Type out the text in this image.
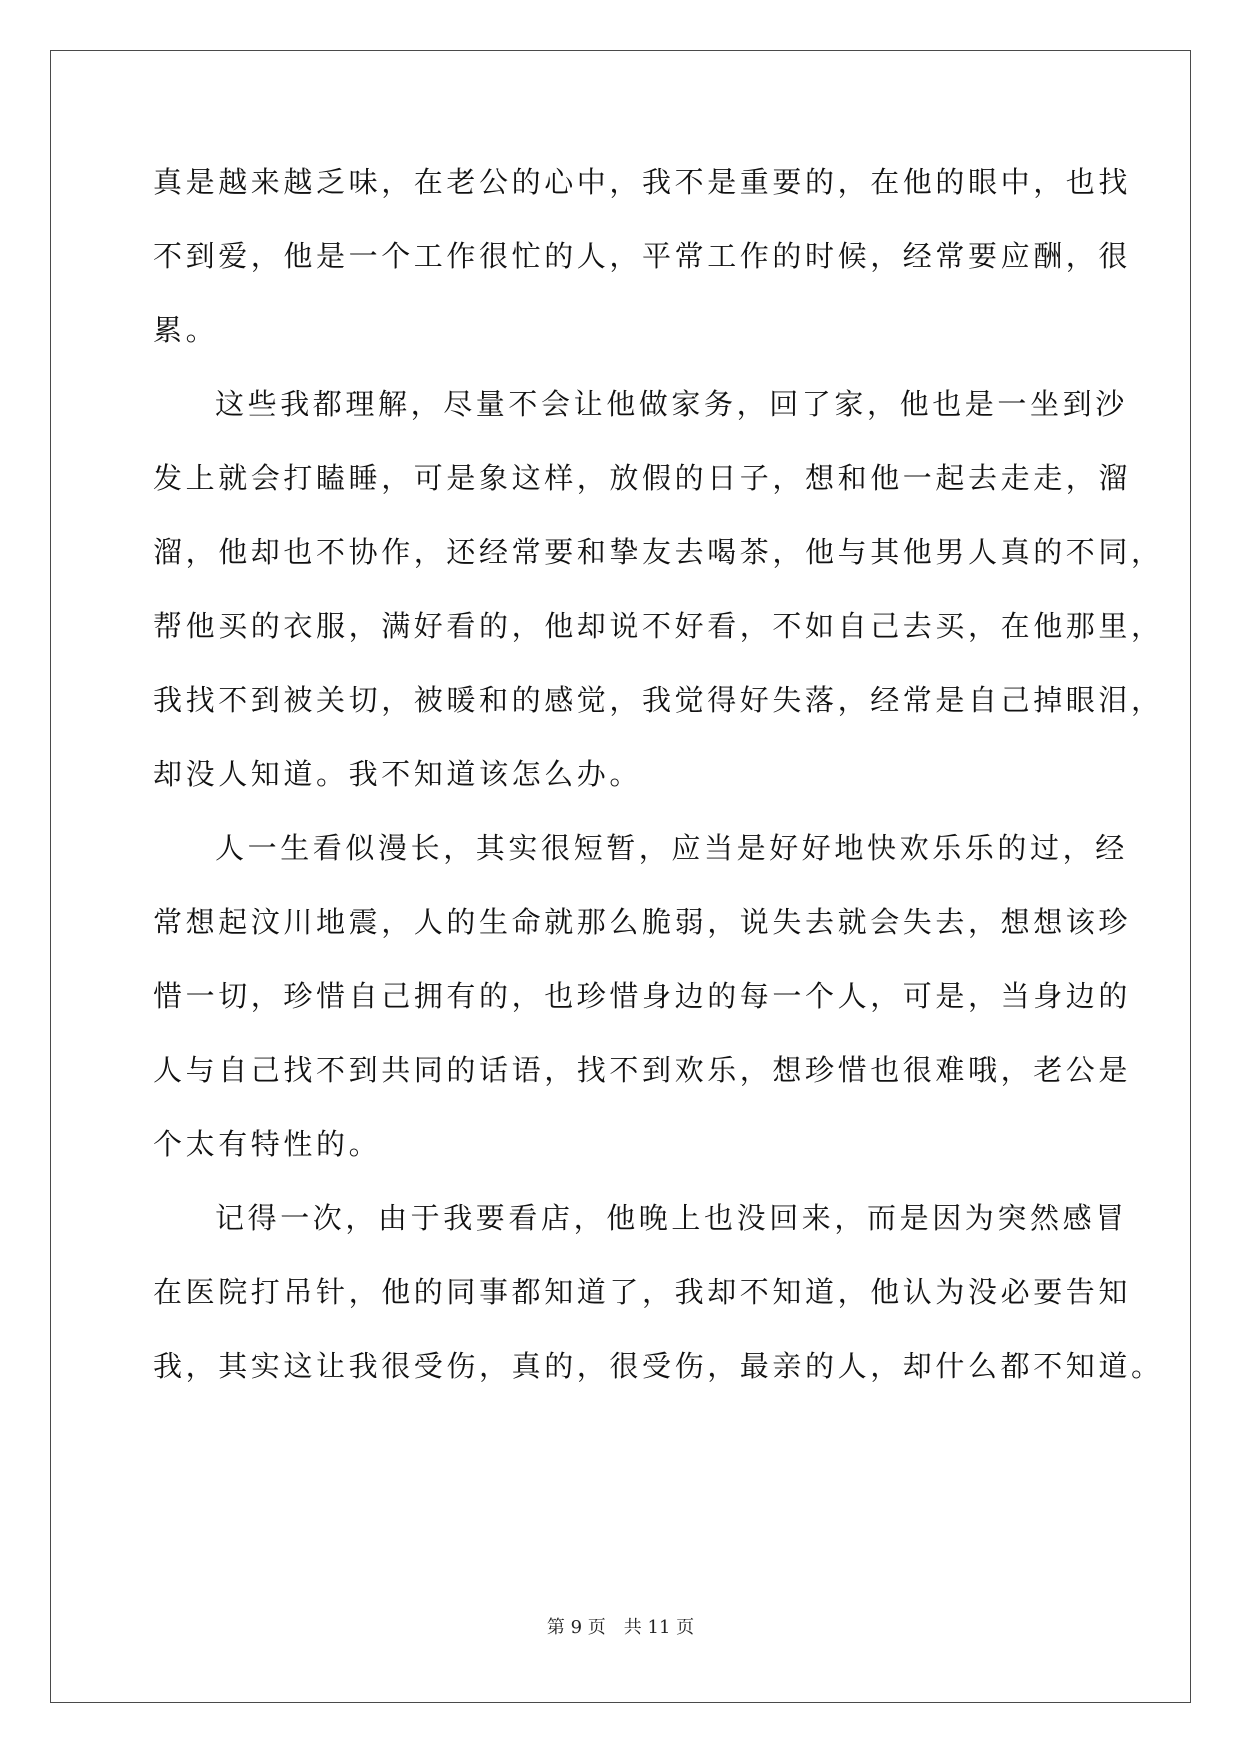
真是越来越乏味，在老公的心中，我不是重要的，在他的眼中，也找
不到爱，他是一个工作很忙的人，平常工作的时候，经常要应酬，很
累。
这些我都理解，尽量不会让他做家务，回了家，他也是一坐到沙
发上就会打瞌睡，可是象这样，放假的日子，想和他一起去走走，溜
溜，他却也不协作，还经常要和挚友去喝茶，他与其他男人真的不同，
帮他买的衣服，满好看的，他却说不好看，不如自己去买，在他那里，
我找不到被关切，被暖和的感觉，我觉得好失落，经常是自己掉眼泪，
却没人知道。我不知道该怎么办。
人一生看似漫长，其实很短暂，应当是好好地快欢乐乐的过，经
常想起汶川地震，人的生命就那么脆弱，说失去就会失去，想想该珍
惜一切，珍惜自己拥有的，也珍惜身边的每一个人，可是，当身边的
人与自己找不到共同的话语，找不到欢乐，想珍惜也很难哦，老公是
个太有特性的。
记得一次，由于我要看店，他晚上也没回来，而是因为突然感冒
在医院打吊针，他的同事都知道了，我却不知道，他认为没必要告知
我，其实这让我很受伤，真的，很受伤，最亲的人，却什么都不知道。
第 9 页　共 11 页
